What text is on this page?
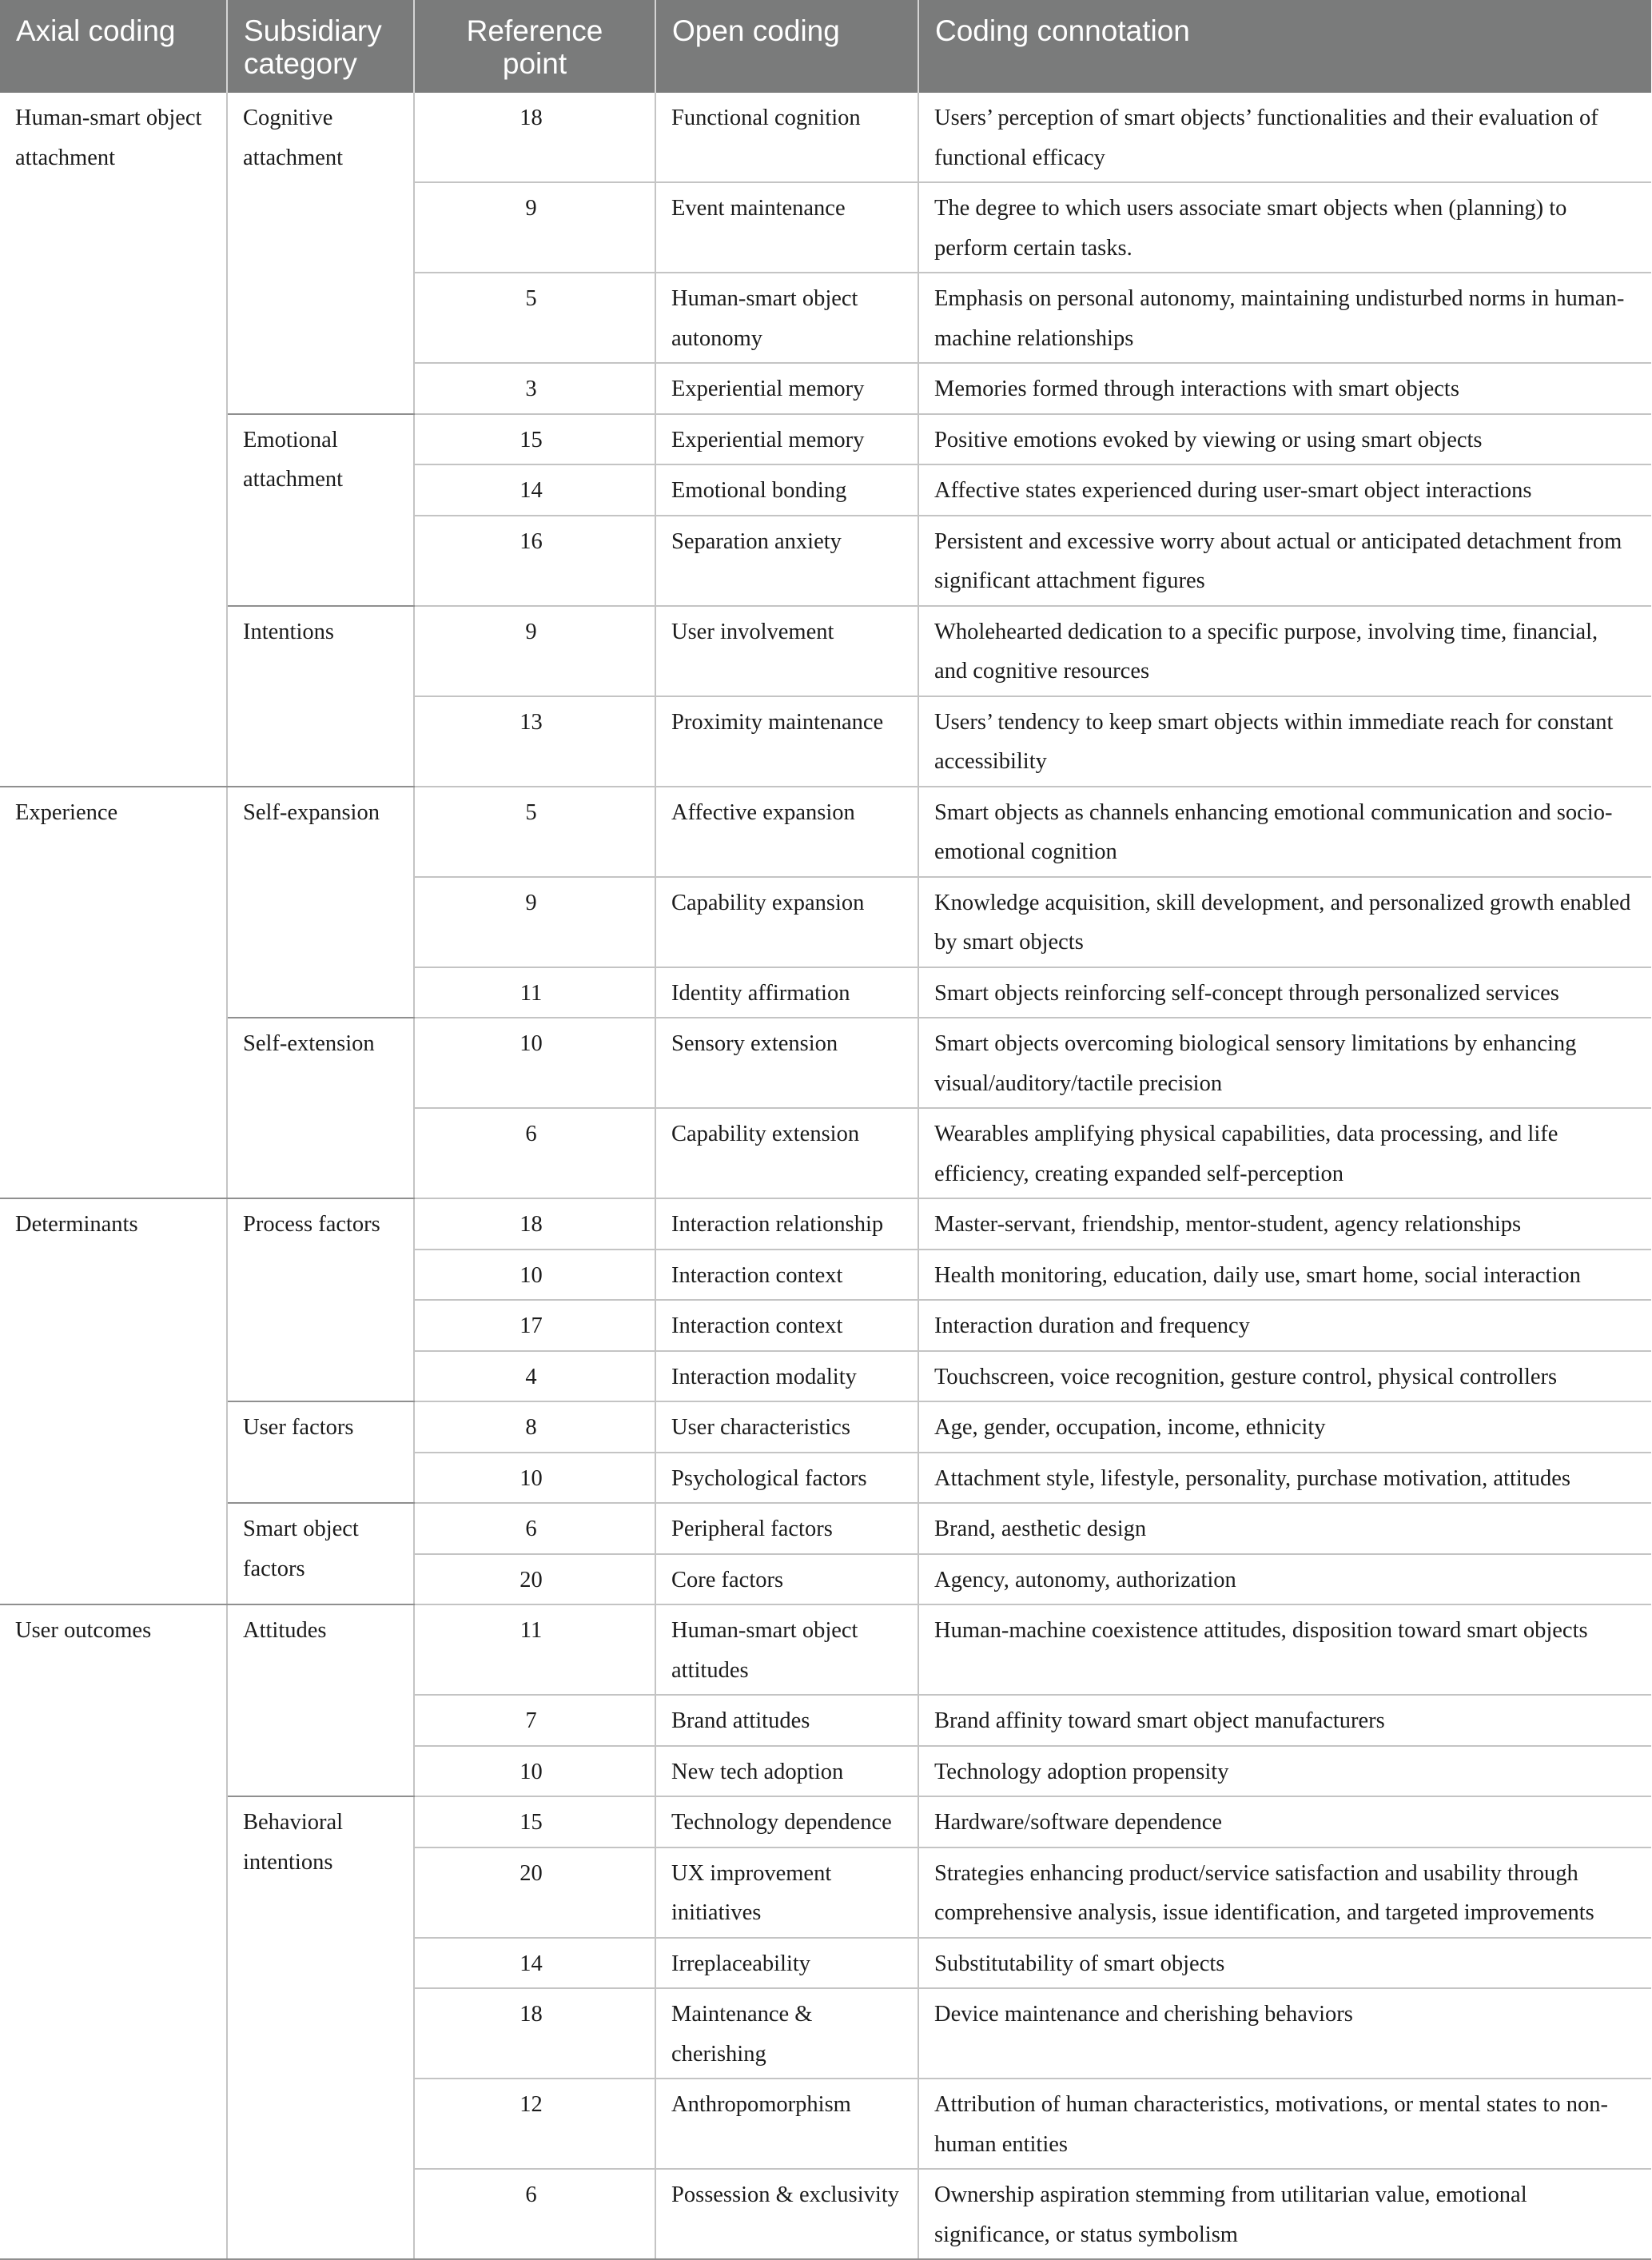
Axial coding	Subsidiary category	Reference point	Open coding	Coding connotation
Human-smart object attachment	Cognitive attachment	18	Functional cognition	Users’ perception of smart objects’ functionalities and their evaluation of functional efficacy
		9	Event maintenance	The degree to which users associate smart objects when (planning) to perform certain tasks.
		5	Human-smart object autonomy	Emphasis on personal autonomy, maintaining undisturbed norms in human-machine relationships
		3	Experiential memory	Memories formed through interactions with smart objects
	Emotional attachment	15	Experiential memory	Positive emotions evoked by viewing or using smart objects
		14	Emotional bonding	Affective states experienced during user-smart object interactions
		16	Separation anxiety	Persistent and excessive worry about actual or anticipated detachment from significant attachment figures
	Intentions	9	User involvement	Wholehearted dedication to a specific purpose, involving time, financial, and cognitive resources
		13	Proximity maintenance	Users’ tendency to keep smart objects within immediate reach for constant accessibility
Experience	Self-expansion	5	Affective expansion	Smart objects as channels enhancing emotional communication and socio-emotional cognition
		9	Capability expansion	Knowledge acquisition, skill development, and personalized growth enabled by smart objects
		11	Identity affirmation	Smart objects reinforcing self-concept through personalized services
	Self-extension	10	Sensory extension	Smart objects overcoming biological sensory limitations by enhancing visual/auditory/tactile precision
		6	Capability extension	Wearables amplifying physical capabilities, data processing, and life efficiency, creating expanded self-perception
Determinants	Process factors	18	Interaction relationship	Master-servant, friendship, mentor-student, agency relationships
		10	Interaction context	Health monitoring, education, daily use, smart home, social interaction
		17	Interaction context	Interaction duration and frequency
		4	Interaction modality	Touchscreen, voice recognition, gesture control, physical controllers
	User factors	8	User characteristics	Age, gender, occupation, income, ethnicity
		10	Psychological factors	Attachment style, lifestyle, personality, purchase motivation, attitudes
	Smart object factors	6	Peripheral factors	Brand, aesthetic design
		20	Core factors	Agency, autonomy, authorization
User outcomes	Attitudes	11	Human-smart object attitudes	Human-machine coexistence attitudes, disposition toward smart objects
		7	Brand attitudes	Brand affinity toward smart object manufacturers
		10	New tech adoption	Technology adoption propensity
	Behavioral intentions	15	Technology dependence	Hardware/software dependence
		20	UX improvement initiatives	Strategies enhancing product/service satisfaction and usability through comprehensive analysis, issue identification, and targeted improvements
		14	Irreplaceability	Substitutability of smart objects
		18	Maintenance & cherishing	Device maintenance and cherishing behaviors
		12	Anthropomorphism	Attribution of human characteristics, motivations, or mental states to non-human entities
		6	Possession & exclusivity	Ownership aspiration stemming from utilitarian value, emotional significance, or status symbolism
